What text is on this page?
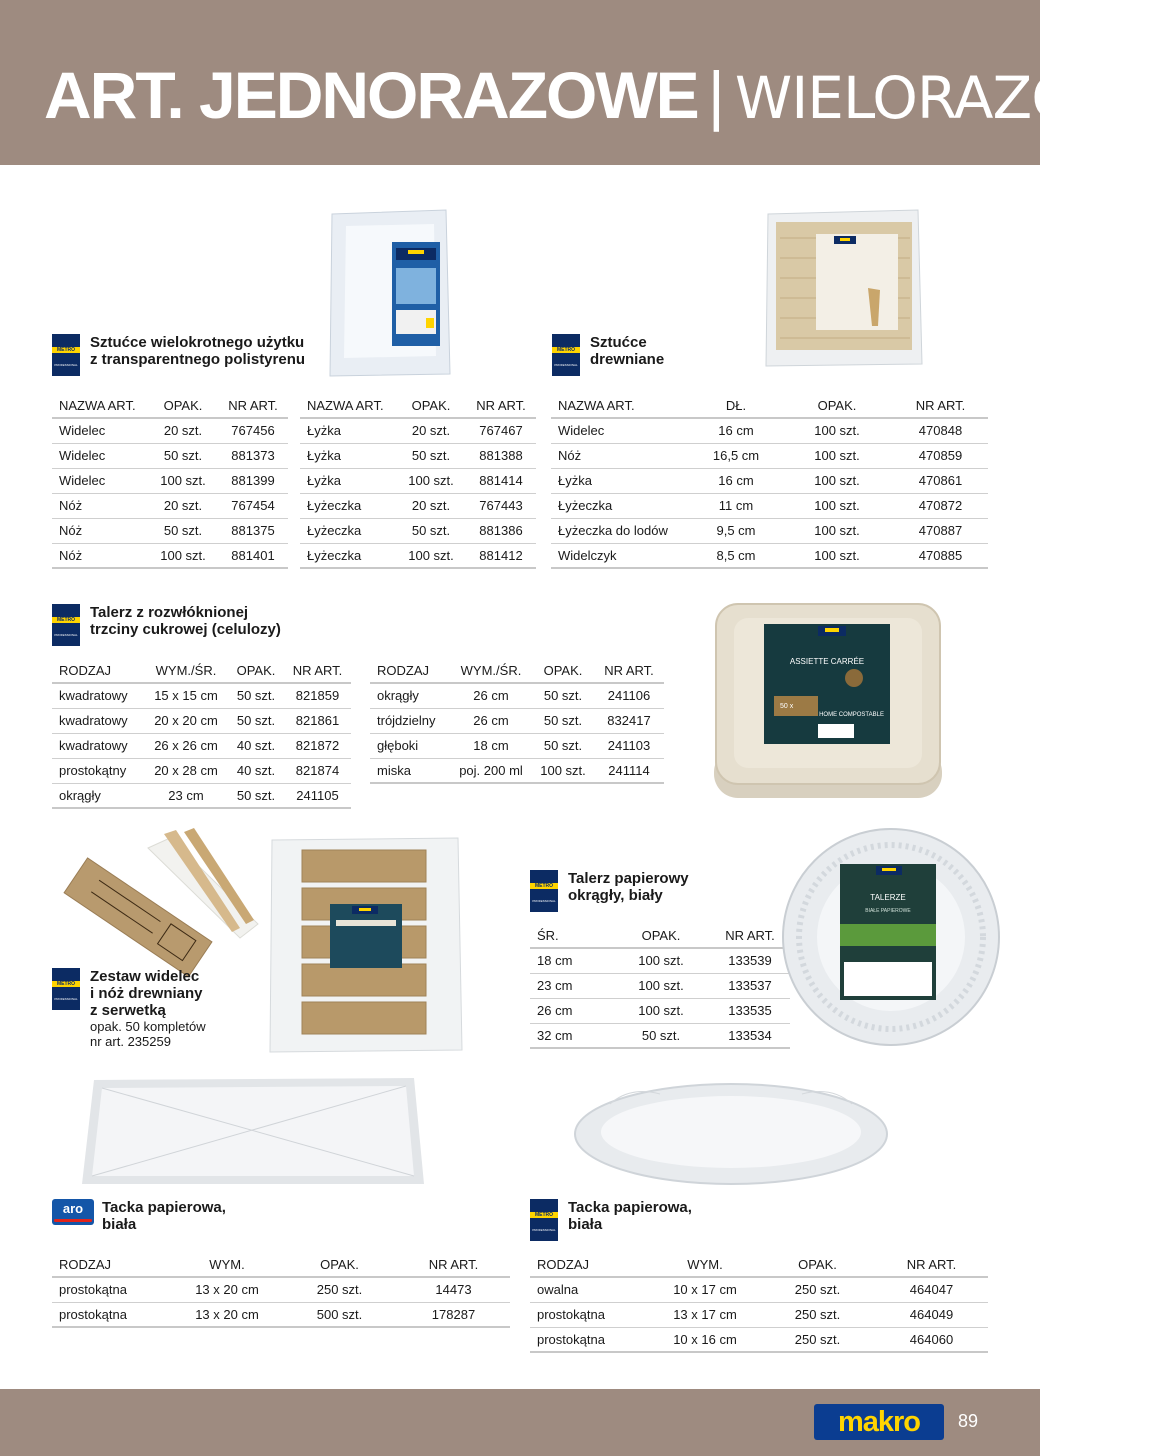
ART. JEDNORAZOWE | WIELORAZOWE
METRO
PROFESSIONAL
Sztućce wielokrotnego użytku
z transparentnego polistyrenu
NAZWA ART.	OPAK.	NR ART.
Widelec	20 szt.	767456
Widelec	50 szt.	881373
Widelec	100 szt.	881399
Nóż	20 szt.	767454
Nóż	50 szt.	881375
Nóż	100 szt.	881401
NAZWA ART.	OPAK.	NR ART.
Łyżka	20 szt.	767467
Łyżka	50 szt.	881388
Łyżka	100 szt.	881414
Łyżeczka	20 szt.	767443
Łyżeczka	50 szt.	881386
Łyżeczka	100 szt.	881412
METRO
PROFESSIONAL
Sztućce
drewniane
NAZWA ART.	DŁ.	OPAK.	NR ART.
Widelec	16 cm	100 szt.	470848
Nóż	16,5 cm	100 szt.	470859
Łyżka	16 cm	100 szt.	470861
Łyżeczka	11 cm	100 szt.	470872
Łyżeczka do lodów	9,5 cm	100 szt.	470887
Widelczyk	8,5 cm	100 szt.	470885
METRO
PROFESSIONAL
Talerz z rozwłóknionej
trzciny cukrowej (celulozy)
RODZAJ	WYM./ŚR.	OPAK.	NR ART.
kwadratowy	15 x 15 cm	50 szt.	821859
kwadratowy	20 x 20 cm	50 szt.	821861
kwadratowy	26 x 26 cm	40 szt.	821872
prostokątny	20 x 28 cm	40 szt.	821874
okrągły	23 cm	50 szt.	241105
RODZAJ	WYM./ŚR.	OPAK.	NR ART.
okrągły	26 cm	50 szt.	241106
trójdzielny	26 cm	50 szt.	832417
głęboki	18 cm	50 szt.	241103
miska	poj. 200 ml	100 szt.	241114
ASSIETTE CARRÉE
50 x
HOME COMPOSTABLE
METRO
PROFESSIONAL
Zestaw widelec
i nóż drewniany
z serwetką
opak. 50 kompletów
nr art. 235259
METRO
PROFESSIONAL
Talerz papierowy
okrągły, biały
ŚR.	OPAK.	NR ART.
18 cm	100 szt.	133539
23 cm	100 szt.	133537
26 cm	100 szt.	133535
32 cm	50 szt.	133534
TALERZE
BIAŁE PAPIEROWE
aro	Tacka papierowa,
biała
RODZAJ	WYM.	OPAK.	NR ART.
prostokątna	13 x 20 cm	250 szt.	14473
prostokątna	13 x 20 cm	500 szt.	178287
METRO
PROFESSIONAL
Tacka papierowa,
biała
RODZAJ	WYM.	OPAK.	NR ART.
owalna	10 x 17 cm	250 szt.	464047
prostokątna	13 x 17 cm	250 szt.	464049
prostokątna	10 x 16 cm	250 szt.	464060
makro 89
